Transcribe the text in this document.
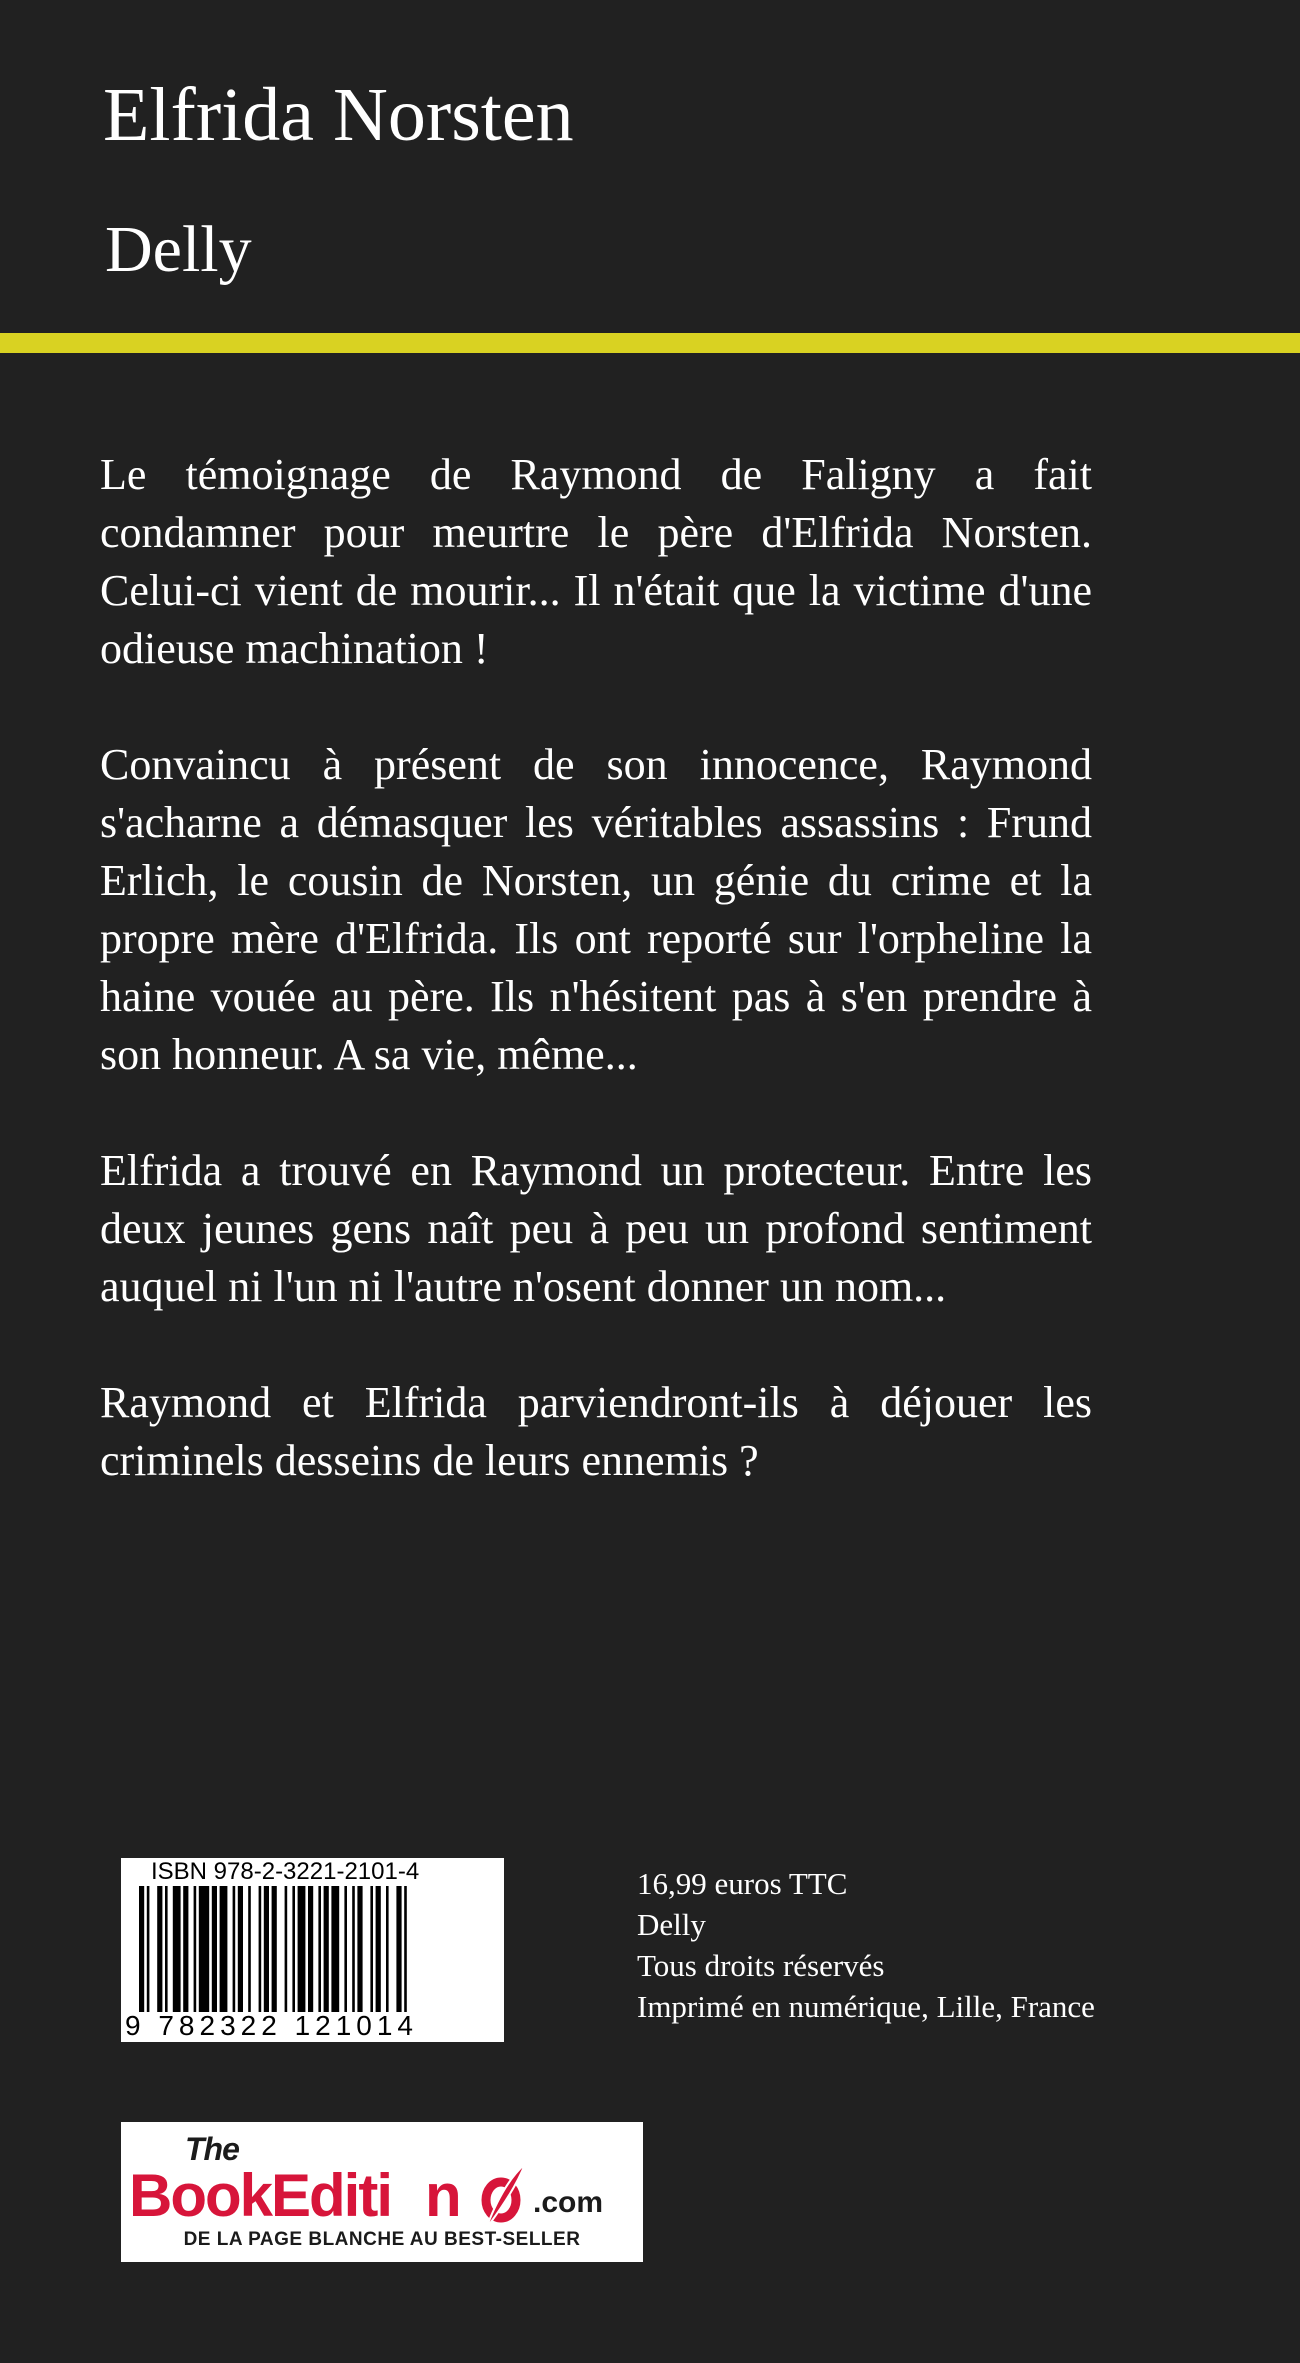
Elfrida Norsten
Delly

Le témoignage de Raymond de Faligny a fait condamner pour meurtre le père d'Elfrida Norsten. Celui-ci vient de mourir... Il n'était que la victime d'une odieuse machination !

Convaincu à présent de son innocence, Raymond s'acharne a démasquer les véritables assassins : Frund Erlich, le cousin de Norsten, un génie du crime et la propre mère d'Elfrida. Ils ont reporté sur l'orpheline la haine vouée au père. Ils n'hésitent pas à s'en prendre à son honneur. A sa vie, même...

Elfrida a trouvé en Raymond un protecteur. Entre les deux jeunes gens naît peu à peu un profond sentiment auquel ni l'un ni l'autre n'osent donner un nom...

Raymond et Elfrida parviendront-ils à déjouer les criminels desseins de leurs ennemis ?

ISBN 978-2-3221-2101-4
9 782322 121014
16,99 euros TTC
Delly
Tous droits réservés
Imprimé en numérique, Lille, France
The
BookEditi n .com
DE LA PAGE BLANCHE AU BEST-SELLER
